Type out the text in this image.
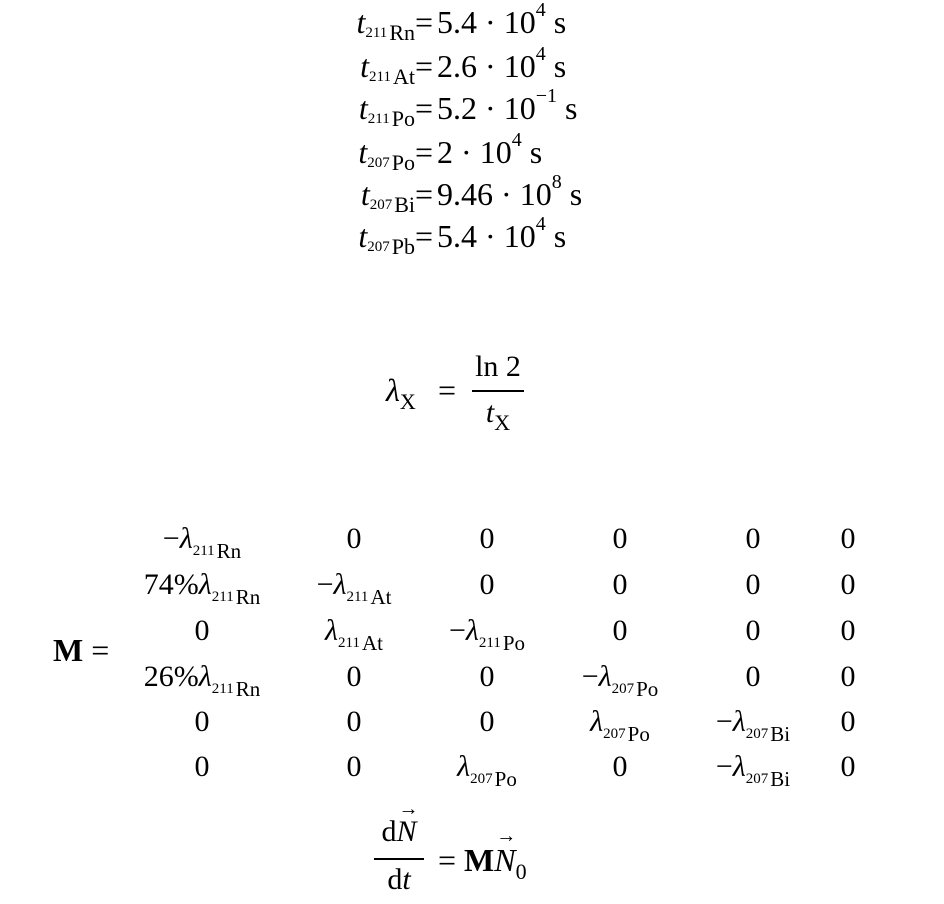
$t211Rn = 5.4 \cdot 10^4$ s
$t211At = 2.6 \cdot 10^4$ s
$t211Po = 5.2 \cdot 10^{-1}$ s
$t207Po = 2 \cdot 10^4$ s
$t207Bi = 9.46 \cdot 10^8$ s
$t207Pb = 5.4 \cdot 10^4$ s
$\lambda_X$ =
ln 2
$t_X$
M =
−λ211Rn	0	0	0	0	0
74%λ211Rn	−λ211At	0	0	0	0
0	λ211At	−λ211Po	0	0	0
26%λ211Rn	0	0	−λ207Po	0	0
0	0	0	λ207Po	−λ207Bi	0
0	0	λ207Po	0	−λ207Bi	0
dN
→
dt
= MN
→
$_0$
